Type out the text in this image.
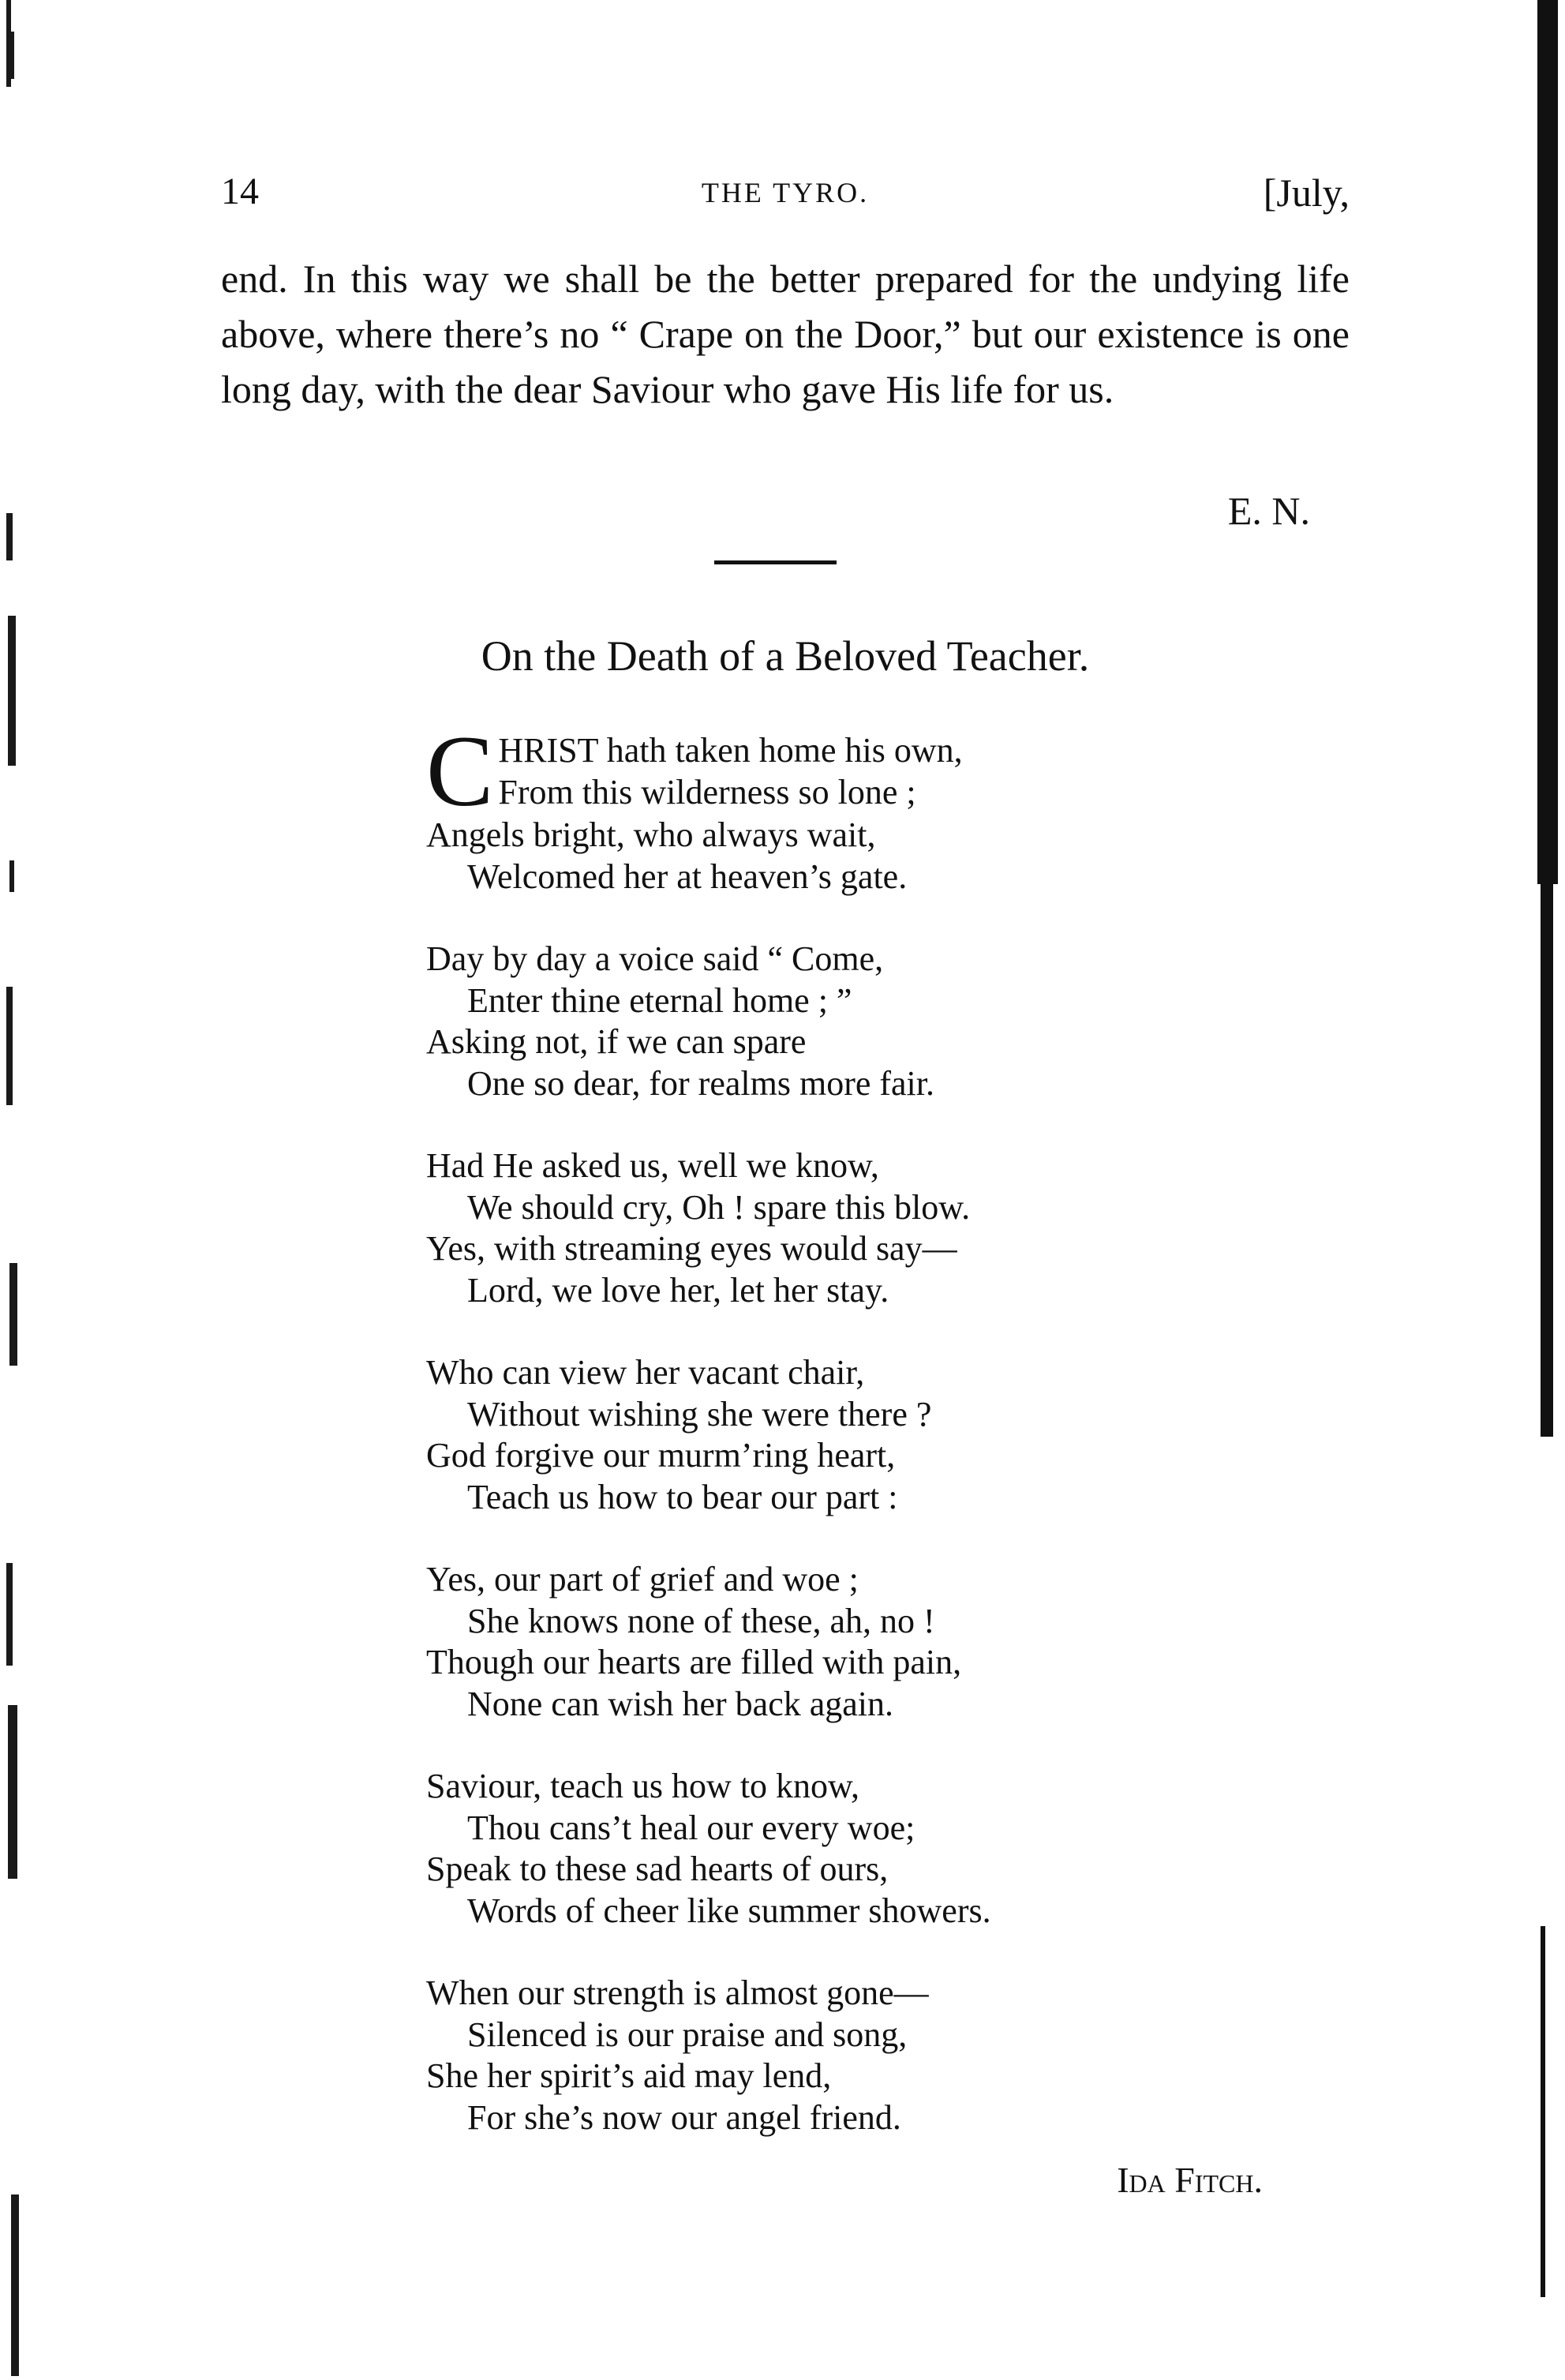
14	THE TYRO.	[July,

end. In this way we shall be the better prepared for the undying life above, where there’s no “ Crape on the Door,” but our existence is one long day, with the dear Saviour who gave His life for us.

E. N.
On the Death of a Beloved Teacher.
C HRIST hath taken home his own,
From this wilderness so lone ;
Angels bright, who always wait,
Welcomed her at heaven’s gate.
Day by day a voice said “ Come,
Enter thine eternal home ; ”
Asking not, if we can spare
One so dear, for realms more fair.
Had He asked us, well we know,
We should cry, Oh ! spare this blow.
Yes, with streaming eyes would say—
Lord, we love her, let her stay.
Who can view her vacant chair,
Without wishing she were there ?
God forgive our murm’ring heart,
Teach us how to bear our part :
Yes, our part of grief and woe ;
She knows none of these, ah, no !
Though our hearts are filled with pain,
None can wish her back again.
Saviour, teach us how to know,
Thou cans’t heal our every woe;
Speak to these sad hearts of ours,
Words of cheer like summer showers.
When our strength is almost gone—
Silenced is our praise and song,
She her spirit’s aid may lend,
For she’s now our angel friend.
Ida Fitch.
